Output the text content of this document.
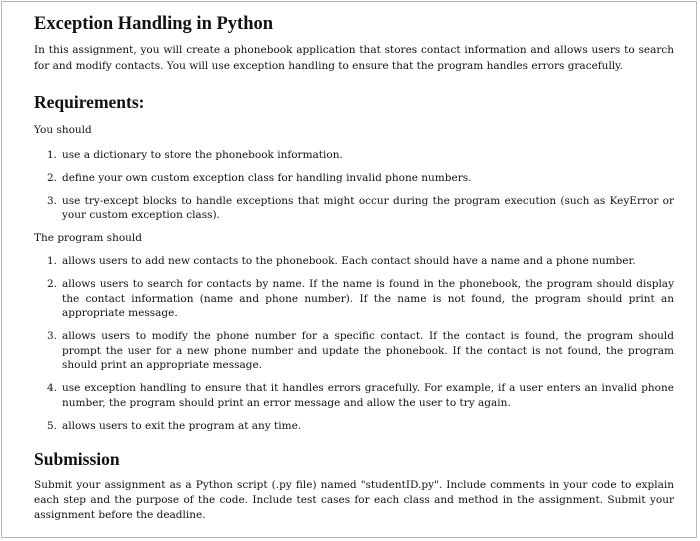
Exception Handling in Python

In this assignment, you will create a phonebook application that stores contact information and allows users to search for and modify contacts. You will use exception handling to ensure that the program handles errors gracefully.

Requirements:

You should

1. use a dictionary to store the phonebook information.
2. define your own custom exception class for handling invalid phone numbers.
3. use try-except blocks to handle exceptions that might occur during the program execution (such as KeyError or your custom exception class).

The program should

1. allows users to add new contacts to the phonebook. Each contact should have a name and a phone number.
2. allows users to search for contacts by name. If the name is found in the phonebook, the program should display the contact information (name and phone number). If the name is not found, the program should print an appropriate message.
3. allows users to modify the phone number for a specific contact. If the contact is found, the program should prompt the user for a new phone number and update the phonebook. If the contact is not found, the program should print an appropriate message.
4. use exception handling to ensure that it handles errors gracefully. For example, if a user enters an invalid phone number, the program should print an error message and allow the user to try again.
5. allows users to exit the program at any time.
Submission

Submit your assignment as a Python script (.py file) named "studentID.py". Include comments in your code to explain each step and the purpose of the code. Include test cases for each class and method in the assignment. Submit your assignment before the deadline.
